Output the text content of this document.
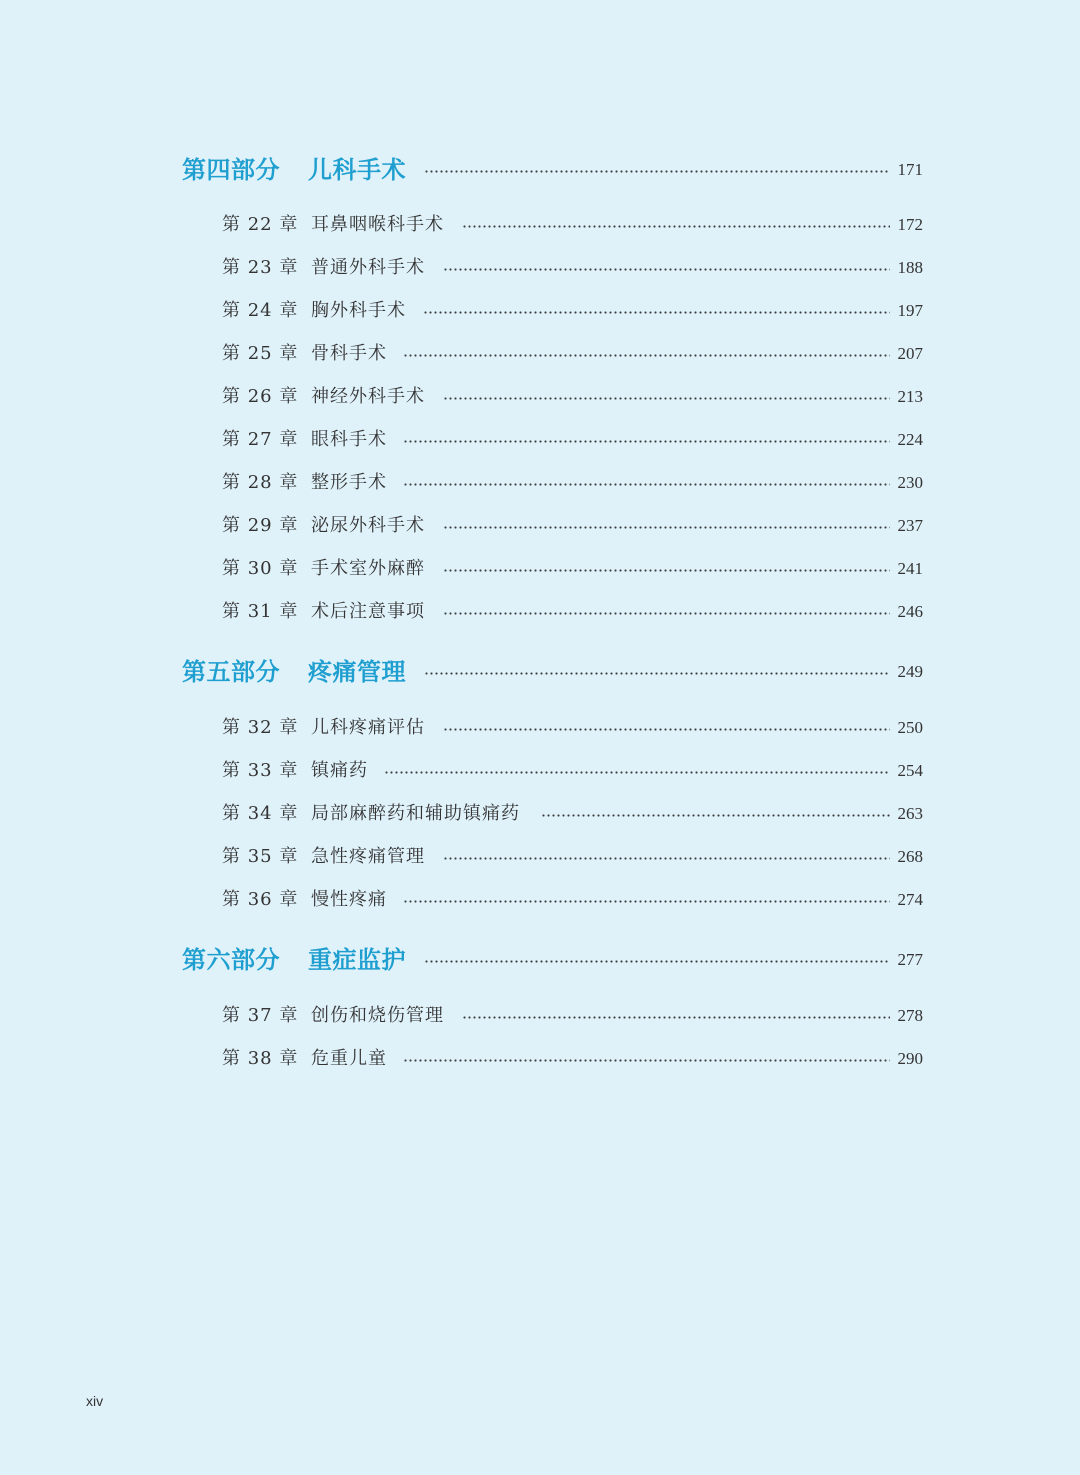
第四部分 儿科手术	171
第 22 章 耳鼻咽喉科手术	172
第 23 章 普通外科手术	188
第 24 章 胸外科手术	197
第 25 章 骨科手术	207
第 26 章 神经外科手术	213
第 27 章 眼科手术	224
第 28 章 整形手术	230
第 29 章 泌尿外科手术	237
第 30 章 手术室外麻醉	241
第 31 章 术后注意事项	246
第五部分 疼痛管理	249
第 32 章 儿科疼痛评估	250
第 33 章 镇痛药	254
第 34 章 局部麻醉药和辅助镇痛药	263
第 35 章 急性疼痛管理	268
第 36 章 慢性疼痛	274
第六部分 重症监护	277
第 37 章 创伤和烧伤管理	278
第 38 章 危重儿童	290
xiv
